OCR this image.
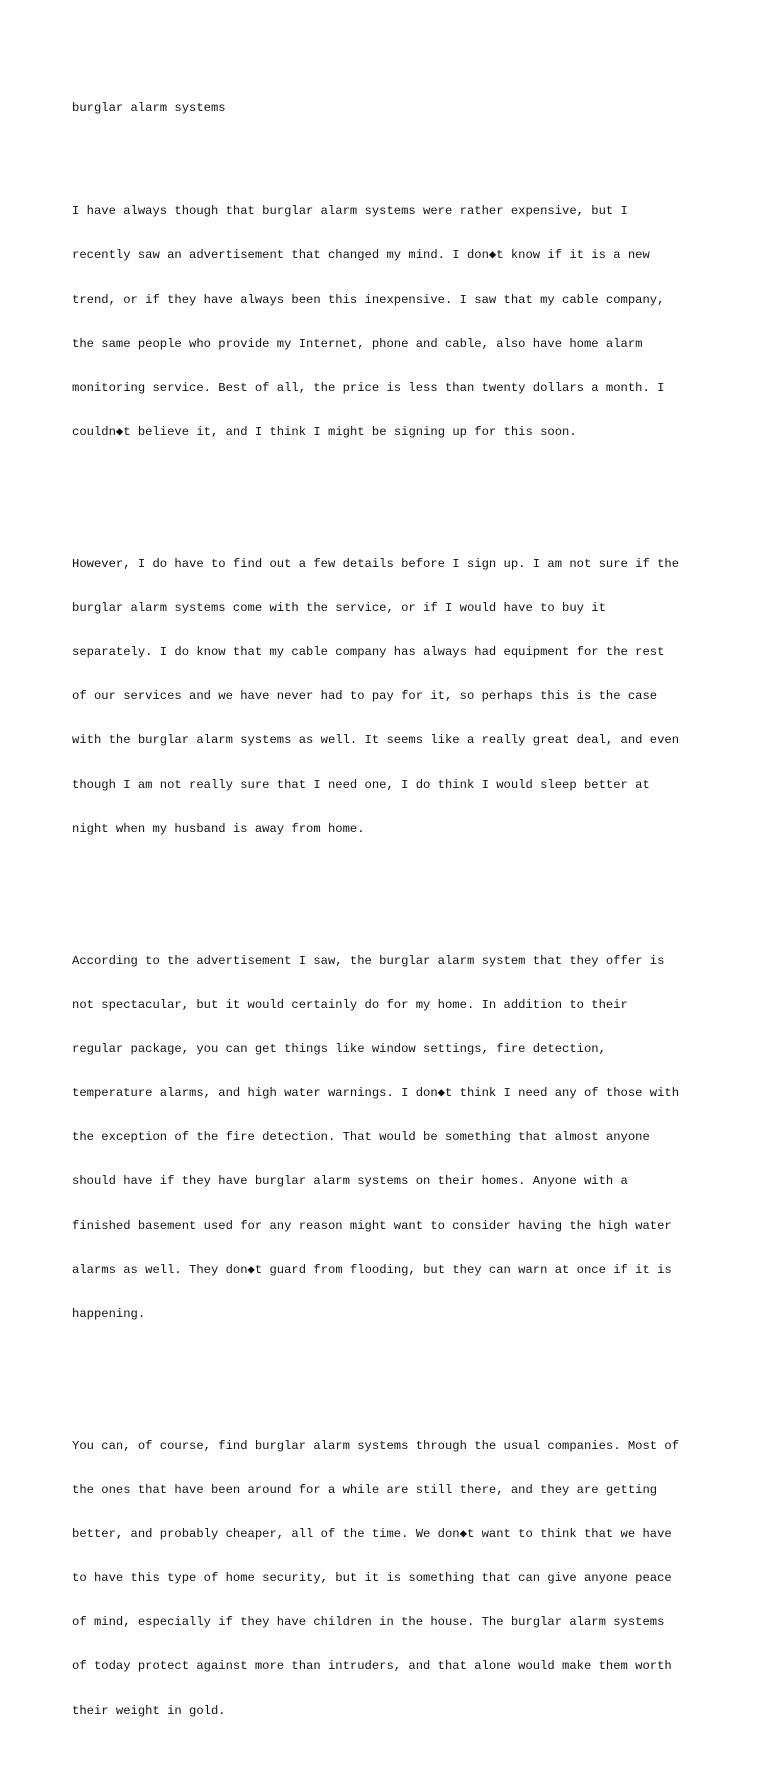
burglar alarm systems

I have always though that burglar alarm systems were rather expensive, but I

recently saw an advertisement that changed my mind. I don◆t know if it is a new

trend, or if they have always been this inexpensive. I saw that my cable company,

the same people who provide my Internet, phone and cable, also have home alarm

monitoring service. Best of all, the price is less than twenty dollars a month. I

couldn◆t believe it, and I think I might be signing up for this soon.

However, I do have to find out a few details before I sign up. I am not sure if the

burglar alarm systems come with the service, or if I would have to buy it

separately. I do know that my cable company has always had equipment for the rest

of our services and we have never had to pay for it, so perhaps this is the case

with the burglar alarm systems as well. It seems like a really great deal, and even

though I am not really sure that I need one, I do think I would sleep better at

night when my husband is away from home.

According to the advertisement I saw, the burglar alarm system that they offer is

not spectacular, but it would certainly do for my home. In addition to their

regular package, you can get things like window settings, fire detection,

temperature alarms, and high water warnings. I don◆t think I need any of those with

the exception of the fire detection. That would be something that almost anyone

should have if they have burglar alarm systems on their homes. Anyone with a

finished basement used for any reason might want to consider having the high water

alarms as well. They don◆t guard from flooding, but they can warn at once if it is

happening.

You can, of course, find burglar alarm systems through the usual companies. Most of

the ones that have been around for a while are still there, and they are getting

better, and probably cheaper, all of the time. We don◆t want to think that we have

to have this type of home security, but it is something that can give anyone peace

of mind, especially if they have children in the house. The burglar alarm systems

of today protect against more than intruders, and that alone would make them worth

their weight in gold.
